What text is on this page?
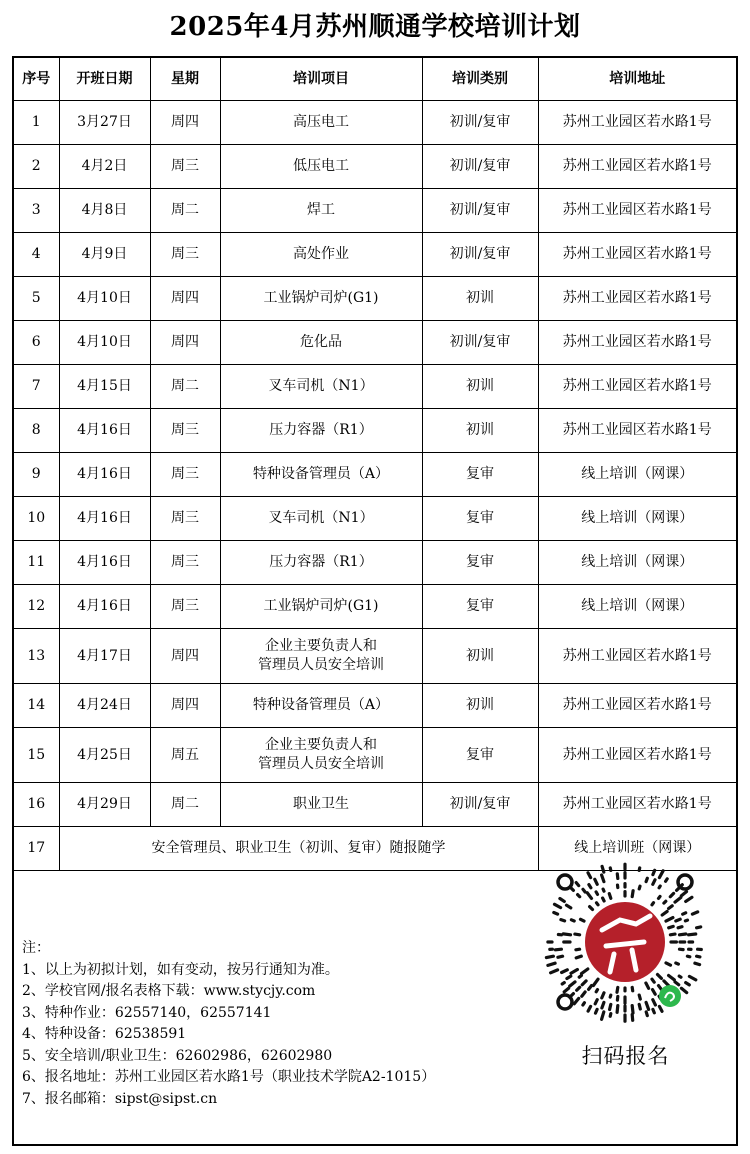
2025年4月苏州顺通学校培训计划
序号	开班日期	星期	培训项目	培训类别	培训地址
1	3月27日	周四	高压电工	初训/复审	苏州工业园区若水路1号
2	4月2日	周三	低压电工	初训/复审	苏州工业园区若水路1号
3	4月8日	周二	焊工	初训/复审	苏州工业园区若水路1号
4	4月9日	周三	高处作业	初训/复审	苏州工业园区若水路1号
5	4月10日	周四	工业锅炉司炉(G1)	初训	苏州工业园区若水路1号
6	4月10日	周四	危化品	初训/复审	苏州工业园区若水路1号
7	4月15日	周二	叉车司机（N1）	初训	苏州工业园区若水路1号
8	4月16日	周三	压力容器（R1）	初训	苏州工业园区若水路1号
9	4月16日	周三	特种设备管理员（A）	复审	线上培训（网课）
10	4月16日	周三	叉车司机（N1）	复审	线上培训（网课）
11	4月16日	周三	压力容器（R1）	复审	线上培训（网课）
12	4月16日	周三	工业锅炉司炉(G1)	复审	线上培训（网课）
13	4月17日	周四	企业主要负责人和
管理员人员安全培训	初训	苏州工业园区若水路1号
14	4月24日	周四	特种设备管理员（A）	初训	苏州工业园区若水路1号
15	4月25日	周五	企业主要负责人和
管理员人员安全培训	复审	苏州工业园区若水路1号
16	4月29日	周二	职业卫生	初训/复审	苏州工业园区若水路1号
17	安全管理员、职业卫生（初训、复审）随报随学				线上培训班（网课）
注：
1、以上为初拟计划，如有变动，按另行通知为准。
2、学校官网/报名表格下载：www.stycjy.com
3、特种作业：62557140，62557141
4、特种设备：62538591
5、安全培训/职业卫生：62602986，62602980
6、报名地址：苏州工业园区若水路1号（职业技术学院A2-1015）
7、报名邮箱：sipst@sipst.cn
扫码报名
